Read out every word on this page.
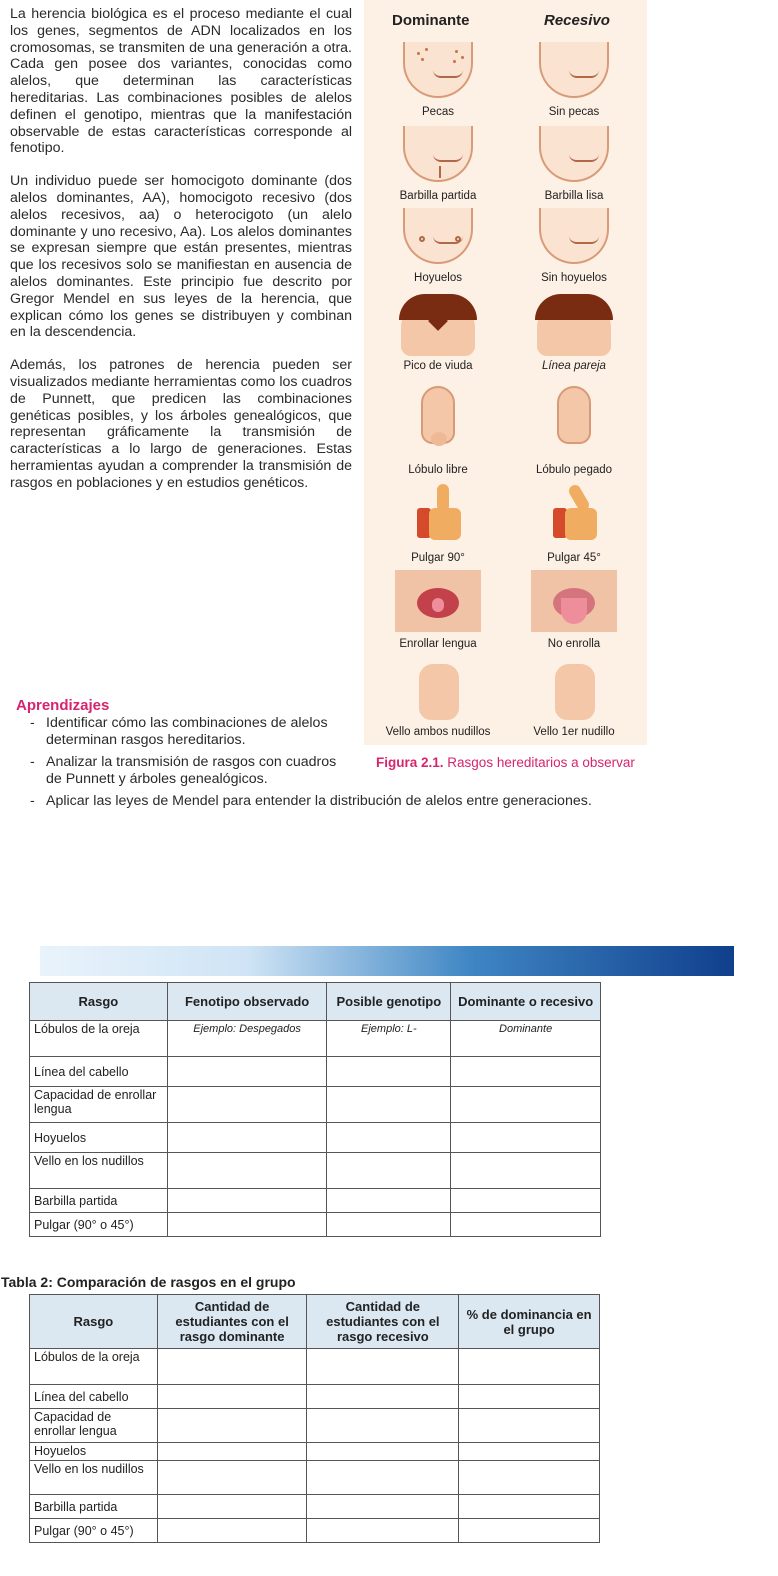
La herencia biológica es el proceso mediante el cual los genes, segmentos de ADN localizados en los cromosomas, se transmiten de una generación a otra. Cada gen posee dos variantes, conocidas como alelos, que determinan las características hereditarias. Las combinaciones posibles de alelos definen el genotipo, mientras que la manifestación observable de estas características corresponde al fenotipo.

Un individuo puede ser homocigoto dominante (dos alelos dominantes, AA), homocigoto recesivo (dos alelos recesivos, aa) o heterocigoto (un alelo dominante y uno recesivo, Aa). Los alelos dominantes se expresan siempre que están presentes, mientras que los recesivos solo se manifiestan en ausencia de alelos dominantes. Este principio fue descrito por Gregor Mendel en sus leyes de la herencia, que explican cómo los genes se distribuyen y combinan en la descendencia.

Además, los patrones de herencia pueden ser visualizados mediante herramientas como los cuadros de Punnett, que predicen las combinaciones genéticas posibles, y los árboles genealógicos, que representan gráficamente la transmisión de características a lo largo de generaciones. Estas herramientas ayudan a comprender la transmisión de rasgos en poblaciones y en estudios genéticos.

Aprendizajes
- Identificar cómo las combinaciones de alelos determinan rasgos hereditarios.
- Analizar la transmisión de rasgos con cuadros de Punnett y árboles genealógicos.
- Aplicar las leyes de Mendel para entender la distribución de alelos entre generaciones.
Dominante	Recesivo
Pecas	Sin pecas
Barbilla partida	Barbilla lisa
Hoyuelos	Sin hoyuelos
Pico de viuda	Línea pareja
Lóbulo libre	Lóbulo pegado
Pulgar 90°	Pulgar 45°
Enrollar lengua	No enrolla
Vello ambos nudillos	Vello 1er nudillo
Figura 2.1. Rasgos hereditarios a observar
Rasgo	Fenotipo observado	Posible genotipo	Dominante o recesivo
Lóbulos de la oreja	Ejemplo: Despegados	Ejemplo: L-	Dominante
Línea del cabello			
Capacidad de enrollar lengua			
Hoyuelos			
Vello en los nudillos			
Barbilla partida			
Pulgar (90° o 45°)			
Tabla 2: Comparación de rasgos en el grupo
Rasgo	Cantidad de estudiantes con el rasgo dominante	Cantidad de estudiantes con el rasgo recesivo	% de dominancia en el grupo
Lóbulos de la oreja			
Línea del cabello			
Capacidad de enrollar lengua			
Hoyuelos			
Vello en los nudillos			
Barbilla partida			
Pulgar (90° o 45°)			
